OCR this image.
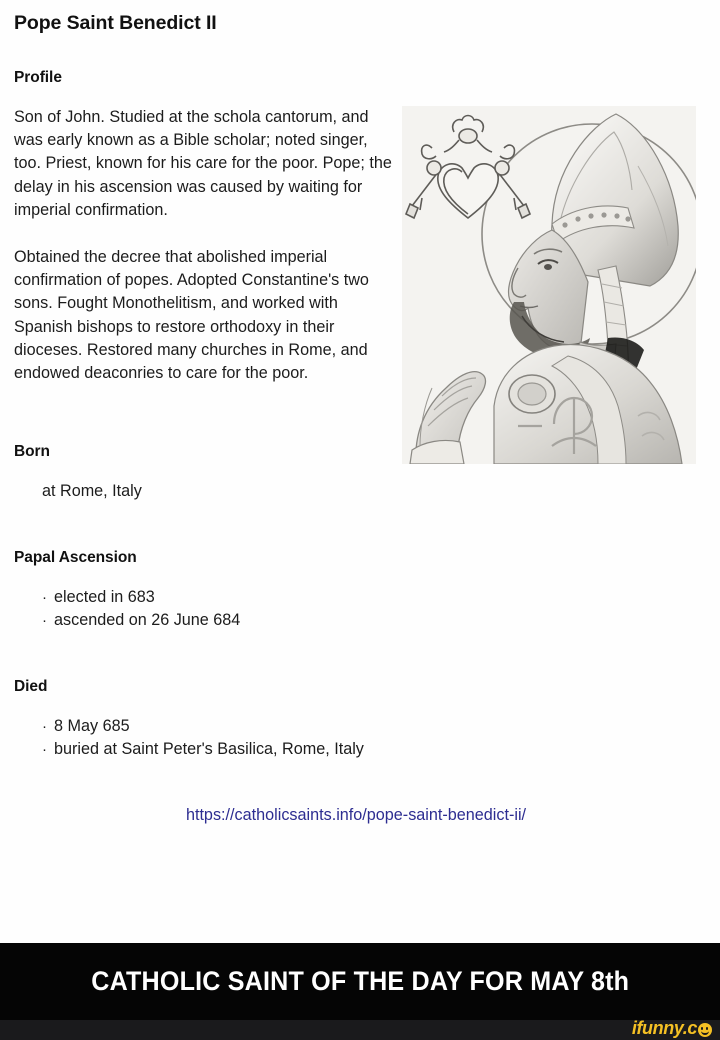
Pope Saint Benedict II
Profile

Son of John. Studied at the schola cantorum, and was early known as a Bible scholar; noted singer, too. Priest, known for his care for the poor. Pope; the delay in his ascension was caused by waiting for imperial confirmation.

Obtained the decree that abolished imperial confirmation of popes. Adopted Constantine's two sons. Fought Monothelitism, and worked with Spanish bishops to restore orthodoxy in their dioceses. Restored many churches in Rome, and endowed deaconries to care for the poor.

Born
at Rome, Italy
Papal Ascension
· elected in 683
· ascended on 26 June 684
Died
· 8 May 685
· buried at Saint Peter's Basilica, Rome, Italy
https://catholicsaints.info/pope-saint-benedict-ii/
CATHOLIC SAINT OF THE DAY FOR MAY 8th
ifunny.c
